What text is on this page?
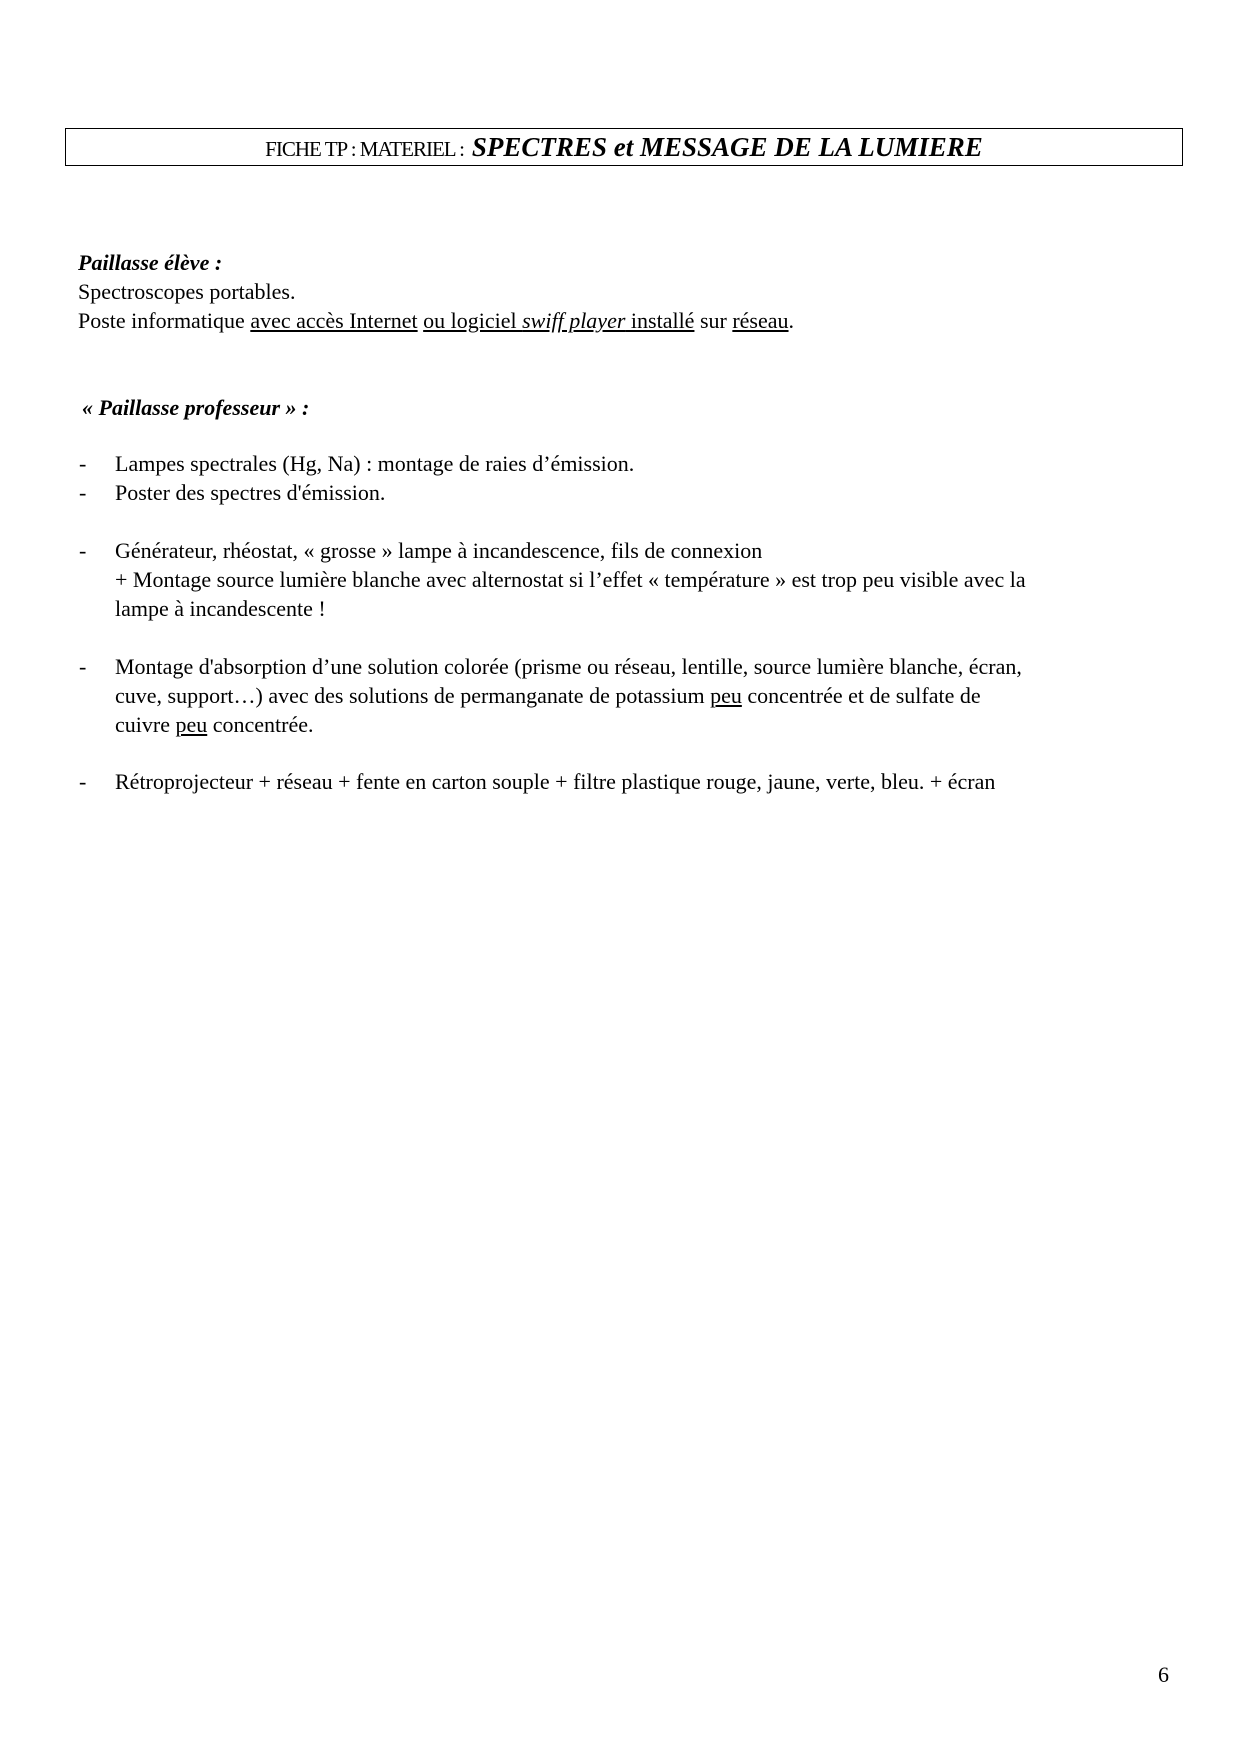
FICHE TP : MATERIEL : SPECTRES et MESSAGE DE LA LUMIERE
Paillasse élève :
Spectroscopes portables.
Poste informatique avec accès Internet ou logiciel swiff player installé sur réseau.
« Paillasse professeur » :
- Lampes spectrales (Hg, Na) : montage de raies d’émission.
- Poster des spectres d'émission.
- Générateur, rhéostat, « grosse » lampe à incandescence, fils de connexion
+ Montage source lumière blanche avec alternostat si l’effet « température » est trop peu visible avec la
lampe à incandescente !
- Montage d'absorption d’une solution colorée (prisme ou réseau, lentille, source lumière blanche, écran,
cuve, support…) avec des solutions de permanganate de potassium peu concentrée et de sulfate de
cuivre peu concentrée.
- Rétroprojecteur + réseau + fente en carton souple + filtre plastique rouge, jaune, verte, bleu. + écran
6
